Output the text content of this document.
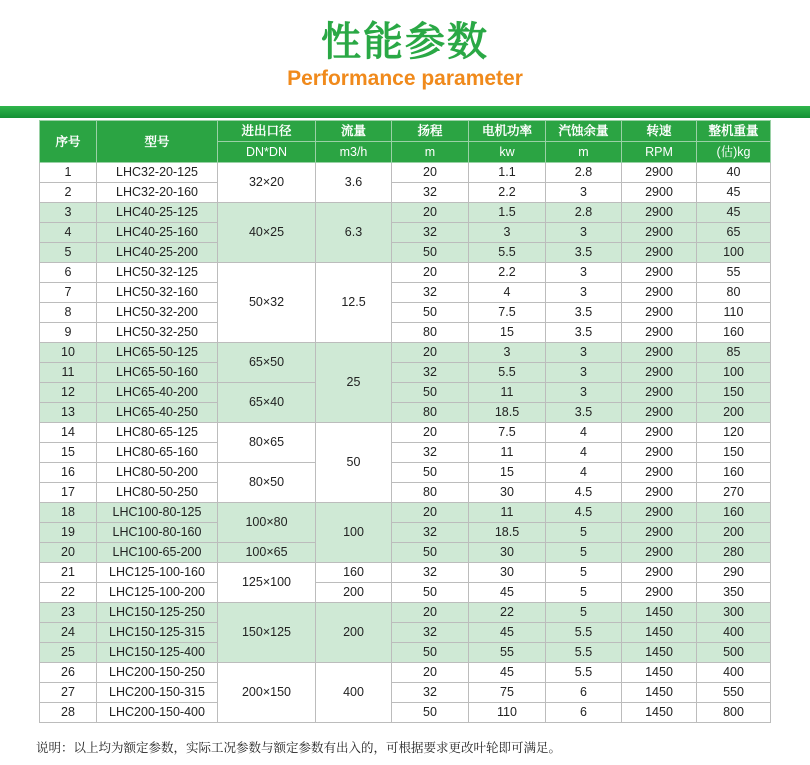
性能参数
Performance parameter
序号	型号	进出口径	流量	扬程	电机功率	汽蚀余量	转速	整机重量
		DN*DN	m3/h	m	kw	m	RPM	(估)kg
1	LHC32-20-125	32×20	3.6	20	1.1	2.8	2900	40
2	LHC32-20-160			32	2.2	3	2900	45
3	LHC40-25-125	40×25	6.3	20	1.5	2.8	2900	45
4	LHC40-25-160			32	3	3	2900	65
5	LHC40-25-200			50	5.5	3.5	2900	100
6	LHC50-32-125	50×32	12.5	20	2.2	3	2900	55
7	LHC50-32-160			32	4	3	2900	80
8	LHC50-32-200			50	7.5	3.5	2900	110
9	LHC50-32-250			80	15	3.5	2900	160
10	LHC65-50-125	65×50	25	20	3	3	2900	85
11	LHC65-50-160			32	5.5	3	2900	100
12	LHC65-40-200	65×40		50	11	3	2900	150
13	LHC65-40-250			80	18.5	3.5	2900	200
14	LHC80-65-125	80×65	50	20	7.5	4	2900	120
15	LHC80-65-160			32	11	4	2900	150
16	LHC80-50-200	80×50		50	15	4	2900	160
17	LHC80-50-250			80	30	4.5	2900	270
18	LHC100-80-125	100×80	100	20	11	4.5	2900	160
19	LHC100-80-160			32	18.5	5	2900	200
20	LHC100-65-200	100×65		50	30	5	2900	280
21	LHC125-100-160	125×100	160	32	30	5	2900	290
22	LHC125-100-200		200	50	45	5	2900	350
23	LHC150-125-250	150×125	200	20	22	5	1450	300
24	LHC150-125-315			32	45	5.5	1450	400
25	LHC150-125-400			50	55	5.5	1450	500
26	LHC200-150-250	200×150	400	20	45	5.5	1450	400
27	LHC200-150-315			32	75	6	1450	550
28	LHC200-150-400			50	110	6	1450	800
说明：以上均为额定参数，实际工况参数与额定参数有出入的，可根据要求更改叶轮即可满足。
